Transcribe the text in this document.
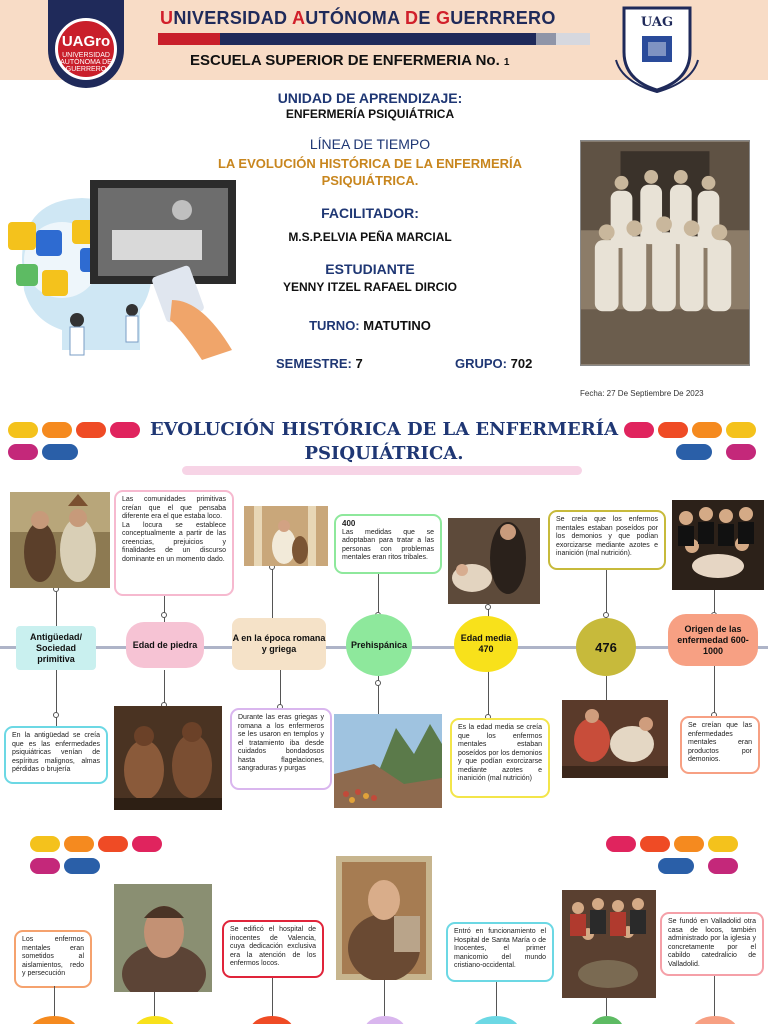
UAGro
UNIVERSIDAD AUTÓNOMA DE GUERRERO
UNIVERSIDAD AUTÓNOMA DE GUERRRERO
ESCUELA SUPERIOR DE ENFERMERIA No. 1
UAG
UNIDAD DE APRENDIZAJE:
ENFERMERÍA PSIQUIÁTRICA
LÍNEA DE TIEMPO
LA EVOLUCIÓN HISTÓRICA DE LA ENFERMERÍA
PSIQUIÁTRICA.
FACILITADOR:
M.S.P.ELVIA PEÑA MARCIAL
ESTUDIANTE
YENNY ITZEL RAFAEL DIRCIO
TURNO: MATUTINO
SEMESTRE: 7	GRUPO: 702
Fecha: 27 De Septiembre De 2023
EVOLUCIÓN HISTÓRICA DE LA ENFERMERÍA
PSIQUIÁTRICA.
Antigüedad/ Sociedad primitiva
Edad de piedra
A en la época romana y griega	Prehispánica
Edad media 470	476
Origen de las enfermedad 600-1000
En la antigüedad se creía que es las enfermedades psiquiátricas venían de espíritus malignos, almas pérdidas o brujería
Las comunidades primitivas creían que el que pensaba diferente era el que estaba loco.
La locura se establece conceptualmente a partir de las creencias, prejuicios y finalidades de un discurso dominante en un momento dado.
Durante las eras griegas y romana a los enfermeros se les usaron en templos y el tratamiento iba desde cuidados bondadosos hasta flagelaciones, sangraduras y purgas
400
Las medidas que se adoptaban para tratar a las personas con problemas mentales eran ritos tribales.
Es la edad media se creía que los enfermos mentales estaban poseídos por los demonios y que podían exorcizarse mediante azotes e inanición (mal nutrición)
Se creía que los enfermos mentales estaban poseídos por los demonios y que podían exorcizarse mediante azotes e inanición (mal nutrición).
Se creían que las enfermedades mentales eran productos por demonios.
Los enfermos mentales eran sometidos al aislamientos, redo y persecución
Se edificó el hospital de inocentes de Valencia, cuya dedicación exclusiva era la atención de los enfermos locos.
Entró en funcionamiento el Hospital de Santa María o de Inocentes, el primer manicomio del mundo cristiano-occidental.
Se fundó en Valladolid otra casa de locos, también administrado por la iglesia y concretamente por el cabildo catedralicio de Valladolid.
